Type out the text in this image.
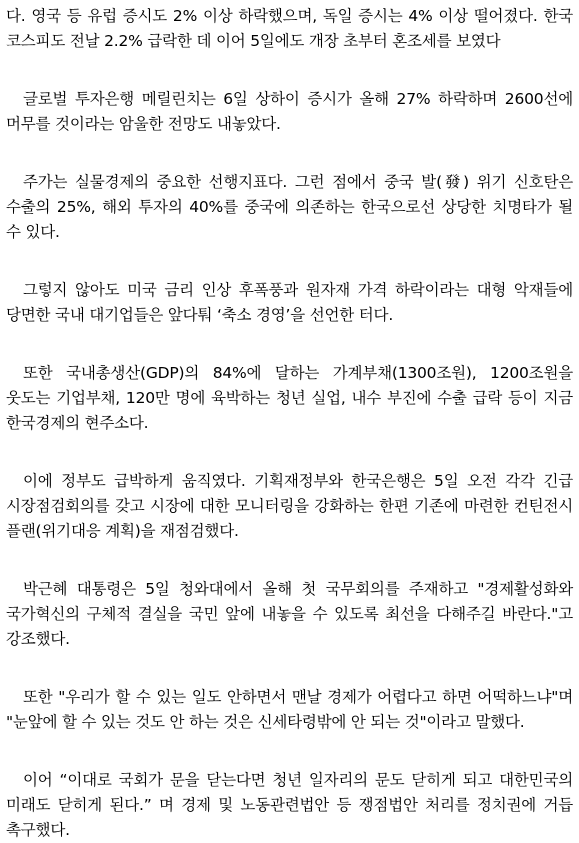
다. 영국 등 유럽 증시도 2% 이상 하락했으며, 독일 증시는 4% 이상 떨어졌다. 한국 코스피도 전날 2.2% 급락한 데 이어 5일에도 개장 초부터 혼조세를 보였다

글로벌 투자은행 메릴린치는 6일 상하이 증시가 올해 27% 하락하며 2600선에 머무를 것이라는 암울한 전망도 내놓았다.

주가는 실물경제의 중요한 선행지표다. 그런 점에서 중국 발(發) 위기 신호탄은 수출의 25%, 해외 투자의 40%를 중국에 의존하는 한국으로선 상당한 치명타가 될 수 있다.

그렇지 않아도 미국 금리 인상 후폭풍과 원자재 가격 하락이라는 대형 악재들에 당면한 국내 대기업들은 앞다퉈 ‘축소 경영’을 선언한 터다.

또한 국내총생산(GDP)의 84%에 달하는 가계부채(1300조원), 1200조원을 웃도는 기업부채, 120만 명에 육박하는 청년 실업, 내수 부진에 수출 급락 등이 지금 한국경제의 현주소다.

이에 정부도 급박하게 움직였다. 기획재정부와 한국은행은 5일 오전 각각 긴급 시장점검회의를 갖고 시장에 대한 모니터링을 강화하는 한편 기존에 마련한 컨틴전시 플랜(위기대응 계획)을 재점검했다.

박근혜 대통령은 5일 청와대에서 올해 첫 국무회의를 주재하고 "경제활성화와 국가혁신의 구체적 결실을 국민 앞에 내놓을 수 있도록 최선을 다해주길 바란다."고 강조했다.

또한 "우리가 할 수 있는 일도 안하면서 맨날 경제가 어렵다고 하면 어떡하느냐"며 "눈앞에 할 수 있는 것도 안 하는 것은 신세타령밖에 안 되는 것"이라고 말했다.

이어 “이대로 국회가 문을 닫는다면 청년 일자리의 문도 닫히게 되고 대한민국의 미래도 닫히게 된다.” 며 경제 및 노동관련법안 등 쟁점법안 처리를 정치권에 거듭 촉구했다.
